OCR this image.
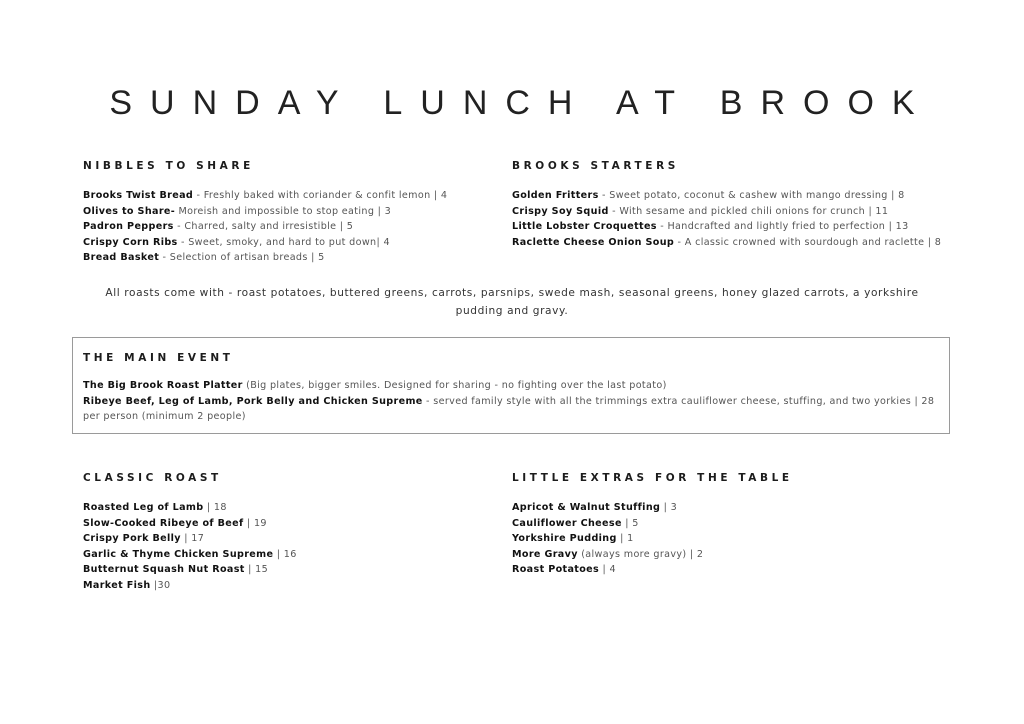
SUNDAY LUNCH AT BROOK
NIBBLES TO SHARE
Brooks Twist Bread - Freshly baked with coriander & confit lemon | 4
Olives to Share- Moreish and impossible to stop eating | 3
Padron Peppers - Charred, salty and irresistible | 5
Crispy Corn Ribs - Sweet, smoky, and hard to put down| 4
Bread Basket - Selection of artisan breads | 5
BROOKS STARTERS
Golden Fritters - Sweet potato, coconut & cashew with mango dressing | 8
Crispy Soy Squid - With sesame and pickled chili onions for crunch | 11
Little Lobster Croquettes - Handcrafted and lightly fried to perfection | 13
Raclette Cheese Onion Soup - A classic crowned with sourdough and raclette | 8
All roasts come with - roast potatoes, buttered greens, carrots, parsnips, swede mash, seasonal greens, honey glazed carrots, a yorkshire pudding and gravy.
THE MAIN EVENT
The Big Brook Roast Platter (Big plates, bigger smiles. Designed for sharing - no fighting over the last potato)
Ribeye Beef, Leg of Lamb, Pork Belly and Chicken Supreme - served family style with all the trimmings extra cauliflower cheese, stuffing, and two yorkies | 28 per person (minimum 2 people)
CLASSIC ROAST
Roasted Leg of Lamb | 18
Slow-Cooked Ribeye of Beef | 19
Crispy Pork Belly | 17
Garlic & Thyme Chicken Supreme | 16
Butternut Squash Nut Roast | 15
Market Fish |30
LITTLE EXTRAS FOR THE TABLE
Apricot & Walnut Stuffing | 3
Cauliflower Cheese | 5
Yorkshire Pudding | 1
More Gravy (always more gravy) | 2
Roast Potatoes | 4
